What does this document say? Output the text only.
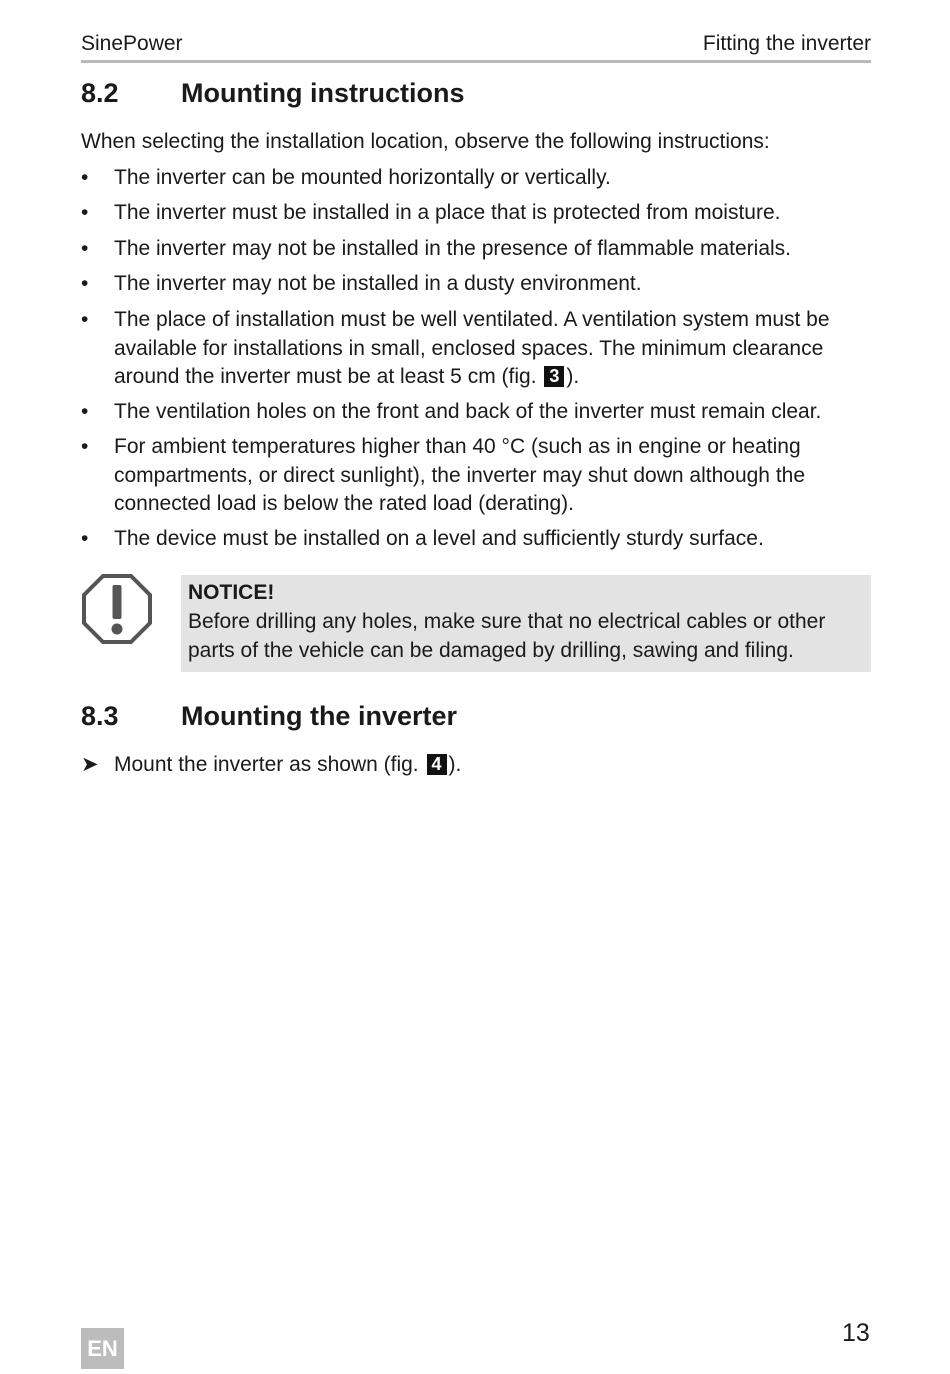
SinePower	Fitting the inverter
8.2 Mounting instructions
When selecting the installation location, observe the following instructions:
•	The inverter can be mounted horizontally or vertically.
•	The inverter must be installed in a place that is protected from moisture.
•	The inverter may not be installed in the presence of flammable materials.
•	The inverter may not be installed in a dusty environment.
•	The place of installation must be well ventilated. A ventilation system must be available for installations in small, enclosed spaces. The minimum clearance around the inverter must be at least 5 cm (fig. 3 ).
•	The ventilation holes on the front and back of the inverter must remain clear.
•	For ambient temperatures higher than 40 °C (such as in engine or heating compartments, or direct sunlight), the inverter may shut down although the connected load is below the rated load (derating).
•	The device must be installed on a level and sufficiently sturdy surface.
NOTICE!
Before drilling any holes, make sure that no electrical cables or other parts of the vehicle can be damaged by drilling, sawing and filing.
8.3 Mounting the inverter
➤ Mount the inverter as shown (fig. 4 ).
EN
13
